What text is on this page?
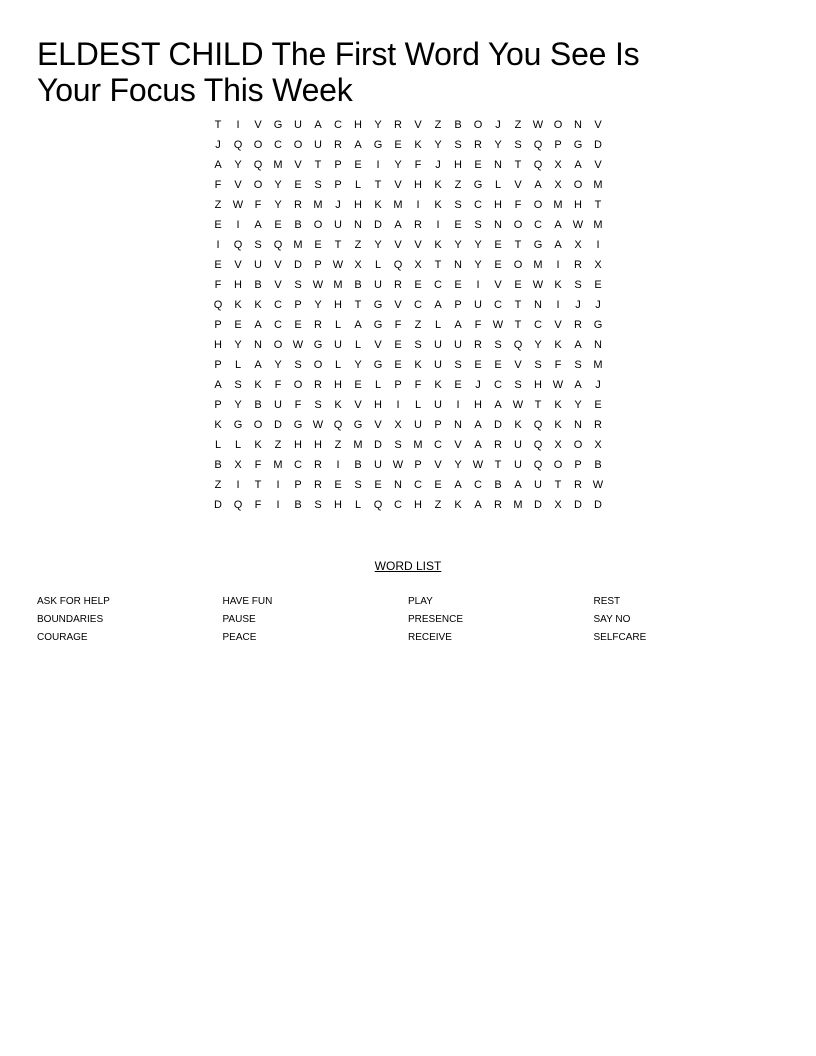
ELDEST CHILD The First Word You See Is Your Focus This Week
T	I	V	G	U	A	C	H	Y	R	V	Z	B	O	J	Z	W O	N	V
J	Q	O	C	O	U	R	A	G	E	K	Y	S	R	Y	S	Q	P	G	D
A	Y	Q	M	V	T	P	E	I	Y	F	J	H	E	N	T	Q	X	A	V
F	V	O	Y	E	S	P	L	T	V	H	K	Z	G	L	V	A	X	O	M
Z	W	F	Y	R	M	J	H	K	M	I	K	S	C	H	F	O	M	H	T
E	I	A	E	B	O	U	N	D	A	R	I	E	S	N	O	C	A	W M
I	Q	S	Q	M	E	T	Z	Y	V	V	K	Y	Y	E	T	G	A	X	I
E	V	U	V	D	P	W	X	L	Q	X	T	N	Y	E	O	M	I	R	X
F	H	B	V	S	W M	B	U	R	E	C	E	I	V	E	W	K	S	E
Q	K	K	C	P	Y	H	T	G	V	C	A	P	U	C	T	N	I	J	J
P	E	A	C	E	R	L	A	G	F	Z	L	A	F	W	T	C	V	R	G
H	Y	N	O W G	U	L	V	E	S	U	U	R	S	Q	Y	K	A	N
P	L	A	Y	S	O	L	Y	G	E	K	U	S	E	E	V	S	F	S	M
A	S	K	F	O	R	H	E	L	P	F	K	E	J	C	S	H W	A	J
P	Y	B	U	F	S	K	V	H	I	L	U	I	H	A	W	T	K	Y	E
K	G	O	D	G W Q	G	V	X	U	P	N	A	D	K	Q	K	N	R
L	L	K	Z	H	H	Z	M	D	S	M	C	V	A	R	U	Q	X	O	X
B	X	F	M	C	R	I	B	U W	P	V	Y	W	T	U	Q	O	P	B
Z	I	T	I	P	R	E	S	E	N	C	E	A	C	B	A	U	T	R W
D	Q	F	I	B	S	H	L	Q	C	H	Z	K	A	R	M	D	X	D	D
WORD LIST
ASK FOR HELP	HAVE FUN	PLAY	REST
BOUNDARIES	PAUSE	PRESENCE	SAY NO
COURAGE	PEACE	RECEIVE	SELFCARE
